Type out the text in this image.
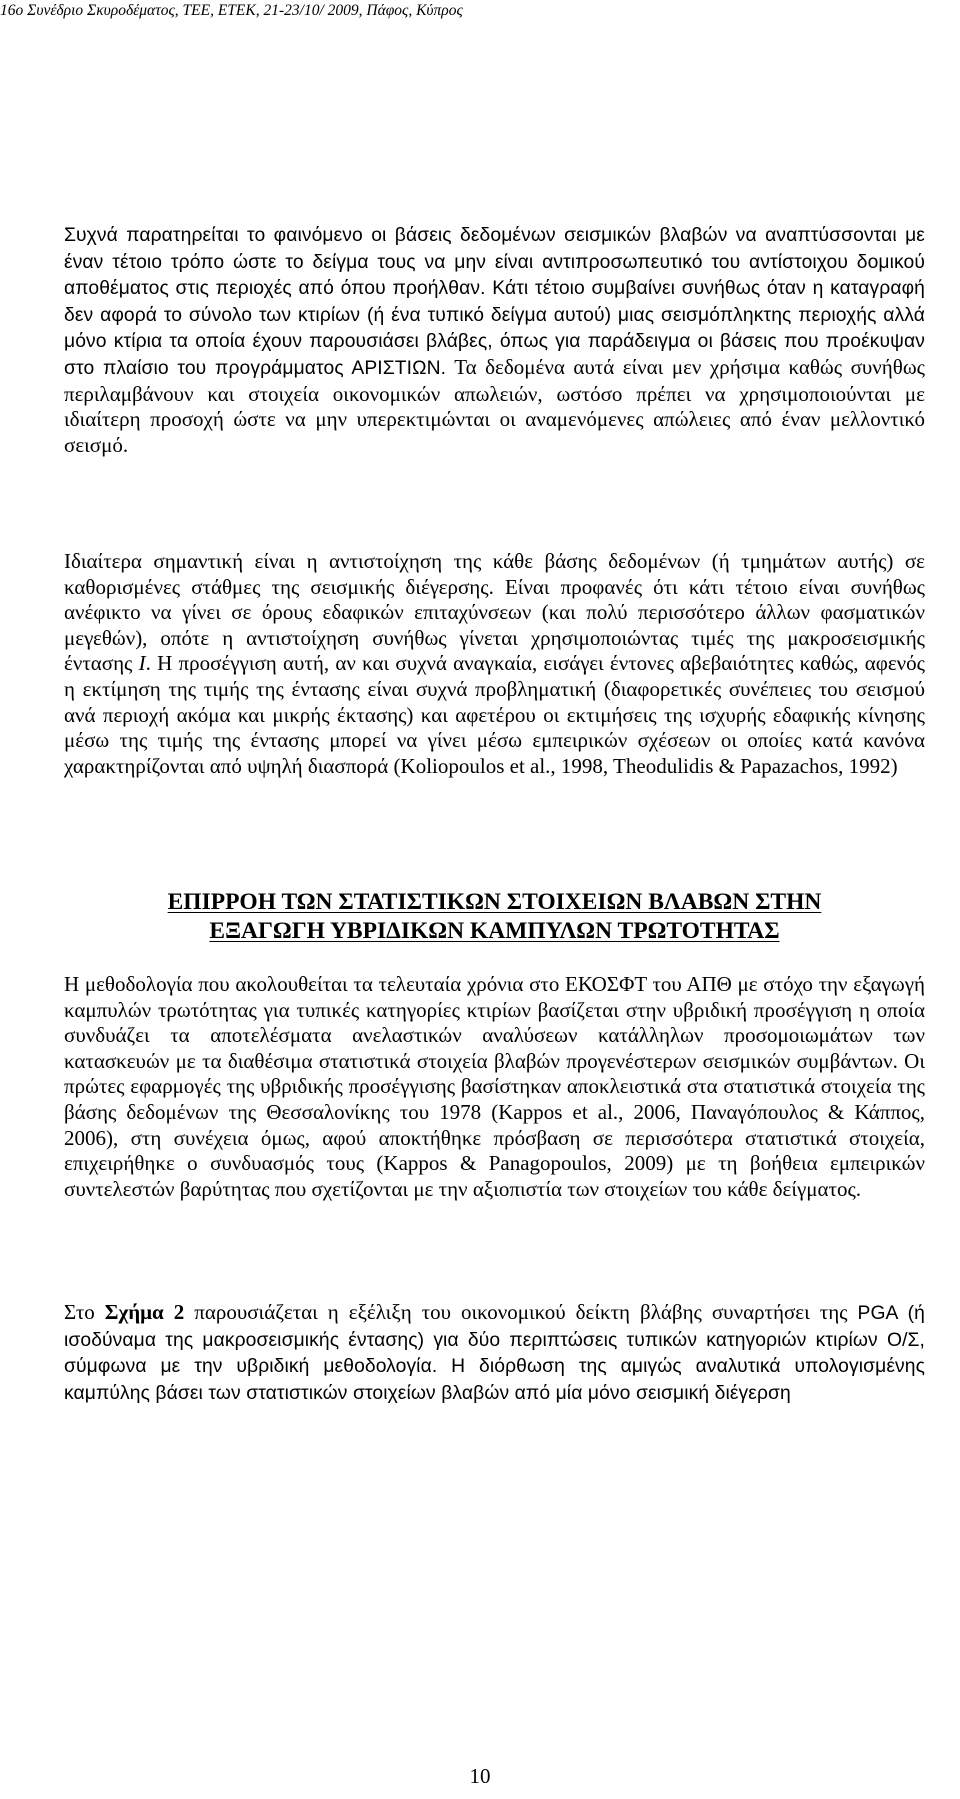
16ο Συνέδριο Σκυροδέματος, ΤΕΕ, ΕΤΕΚ, 21-23/10/ 2009, Πάφος, Κύπρος

Συχνά παρατηρείται το φαινόμενο οι βάσεις δεδομένων σεισμικών βλαβών να αναπτύσσονται με έναν τέτοιο τρόπο ώστε το δείγμα τους να μην είναι αντιπροσωπευτικό του αντίστοιχου δομικού αποθέματος στις περιοχές από όπου προήλθαν. Κάτι τέτοιο συμβαίνει συνήθως όταν η καταγραφή δεν αφορά το σύνολο των κτιρίων (ή ένα τυπικό δείγμα αυτού) μιας σεισμόπληκτης περιοχής αλλά μόνο κτίρια τα οποία έχουν παρουσιάσει βλάβες, όπως για παράδειγμα οι βάσεις που προέκυψαν στο πλαίσιο του προγράμματος ΑΡΙΣΤΙΩΝ. Τα δεδομένα αυτά είναι μεν χρήσιμα καθώς συνήθως περιλαμβάνουν και στοιχεία οικονομικών απωλειών, ωστόσο πρέπει να χρησιμοποιούνται με ιδιαίτερη προσοχή ώστε να μην υπερεκτιμώνται οι αναμενόμενες απώλειες από έναν μελλοντικό σεισμό.

Ιδιαίτερα σημαντική είναι η αντιστοίχηση της κάθε βάσης δεδομένων (ή τμημάτων αυτής) σε καθορισμένες στάθμες της σεισμικής διέγερσης. Είναι προφανές ότι κάτι τέτοιο είναι συνήθως ανέφικτο να γίνει σε όρους εδαφικών επιταχύνσεων (και πολύ περισσότερο άλλων φασματικών μεγεθών), οπότε η αντιστοίχηση συνήθως γίνεται χρησιμοποιώντας τιμές της μακροσεισμικής έντασης I. Η προσέγγιση αυτή, αν και συχνά αναγκαία, εισάγει έντονες αβεβαιότητες καθώς, αφενός η εκτίμηση της τιμής της έντασης είναι συχνά προβληματική (διαφορετικές συνέπειες του σεισμού ανά περιοχή ακόμα και μικρής έκτασης) και αφετέρου οι εκτιμήσεις της ισχυρής εδαφικής κίνησης μέσω της τιμής της έντασης μπορεί να γίνει μέσω εμπειρικών σχέσεων οι οποίες κατά κανόνα χαρακτηρίζονται από υψηλή διασπορά (Koliopoulos et al., 1998, Theodulidis & Papazachos, 1992)

ΕΠΙΡΡΟΗ ΤΩΝ ΣΤΑΤΙΣΤΙΚΩΝ ΣΤΟΙΧΕΙΩΝ ΒΛΑΒΩΝ ΣΤΗΝ
ΕΞΑΓΩΓΗ ΥΒΡΙΔΙΚΩΝ ΚΑΜΠΥΛΩΝ ΤΡΩΤΟΤΗΤΑΣ

Η μεθοδολογία που ακολουθείται τα τελευταία χρόνια στο ΕΚΟΣΦΤ του ΑΠΘ με στόχο την εξαγωγή καμπυλών τρωτότητας για τυπικές κατηγορίες κτιρίων βασίζεται στην υβριδική προσέγγιση η οποία συνδυάζει τα αποτελέσματα ανελαστικών αναλύσεων κατάλληλων προσομοιωμάτων των κατασκευών με τα διαθέσιμα στατιστικά στοιχεία βλαβών προγενέστερων σεισμικών συμβάντων. Οι πρώτες εφαρμογές της υβριδικής προσέγγισης βασίστηκαν αποκλειστικά στα στατιστικά στοιχεία της βάσης δεδομένων της Θεσσαλονίκης του 1978 (Kappos et al., 2006, Παναγόπουλος & Κάππος, 2006), στη συνέχεια όμως, αφού αποκτήθηκε πρόσβαση σε περισσότερα στατιστικά στοιχεία, επιχειρήθηκε ο συνδυασμός τους (Kappos & Panagopoulos, 2009) με τη βοήθεια εμπειρικών συντελεστών βαρύτητας που σχετίζονται με την αξιοπιστία των στοιχείων του κάθε δείγματος.

Στο Σχήμα 2 παρουσιάζεται η εξέλιξη του οικονομικού δείκτη βλάβης συναρτήσει της PGA (ή ισοδύναμα της μακροσεισμικής έντασης) για δύο περιπτώσεις τυπικών κατηγοριών κτιρίων Ο/Σ, σύμφωνα με την υβριδική μεθοδολογία. Η διόρθωση της αμιγώς αναλυτικά υπολογισμένης καμπύλης βάσει των στατιστικών στοιχείων βλαβών από μία μόνο σεισμική διέγερση

10
